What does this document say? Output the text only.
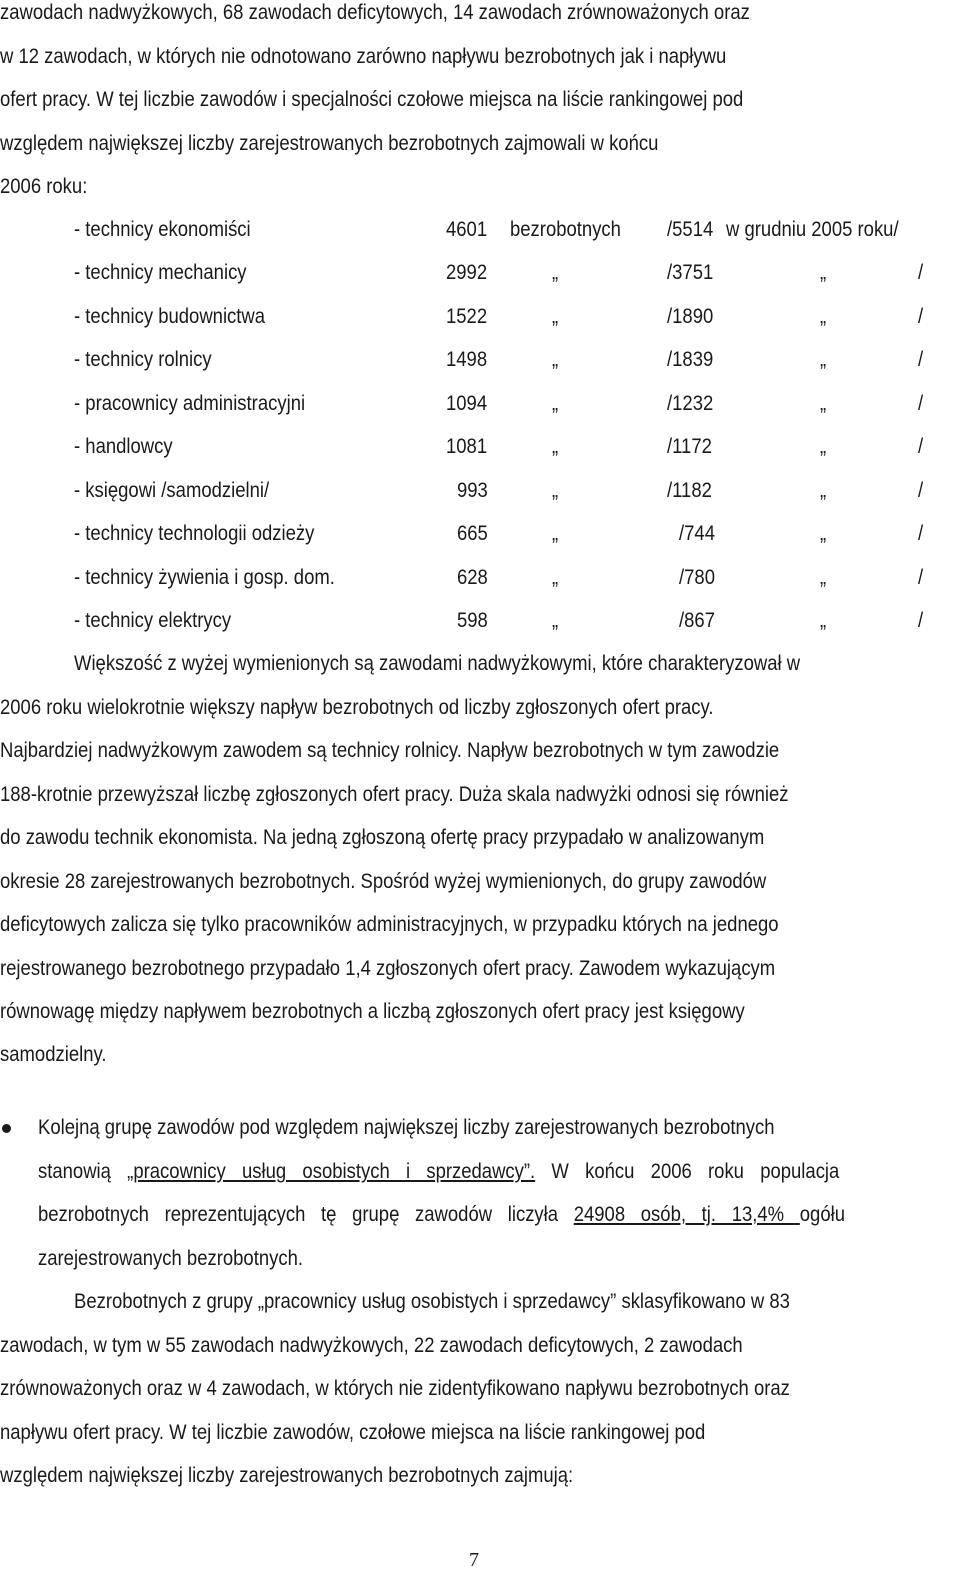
zawodach nadwyżkowych, 68 zawodach deficytowych, 14 zawodach zrównoważonych oraz
w 12 zawodach, w których nie odnotowano zarówno napływu bezrobotnych jak i napływu
ofert pracy. W tej liczbie zawodów i specjalności czołowe miejsca na liście rankingowej pod
względem największej liczby zarejestrowanych bezrobotnych zajmowali w końcu
2006 roku:
- technicy ekonomiści	4601 bezrobotnych /5514 w grudniu 2005 roku/
- technicy mechanicy	2992	„	/3751	„	/
- technicy budownictwa	1522	„	/1890	„	/
- technicy rolnicy	1498	„	/1839	„	/
- pracownicy administracyjni	1094	„	/1232	„	/
- handlowcy	1081	„	/1172	„	/
- księgowi /samodzielni/	993	„	/1182	„	/
- technicy technologii odzieży	665	„	/744	„	/
- technicy żywienia i gosp. dom.	628	„	/780	„	/
- technicy elektrycy	598	„	/867	„	/
Większość z wyżej wymienionych są zawodami nadwyżkowymi, które charakteryzował w
2006 roku wielokrotnie większy napływ bezrobotnych od liczby zgłoszonych ofert pracy.
Najbardziej nadwyżkowym zawodem są technicy rolnicy. Napływ bezrobotnych w tym zawodzie
188-krotnie przewyższał liczbę zgłoszonych ofert pracy. Duża skala nadwyżki odnosi się również
do zawodu technik ekonomista. Na jedną zgłoszoną ofertę pracy przypadało w analizowanym
okresie 28 zarejestrowanych bezrobotnych. Spośród wyżej wymienionych, do grupy zawodów
deficytowych zalicza się tylko pracowników administracyjnych, w przypadku których na jednego
rejestrowanego bezrobotnego przypadało 1,4 zgłoszonych ofert pracy. Zawodem wykazującym
równowagę między napływem bezrobotnych a liczbą zgłoszonych ofert pracy jest księgowy
samodzielny.
Kolejną grupę zawodów pod względem największej liczby zarejestrowanych bezrobotnych
stanowią „pracownicy usług osobistych i sprzedawcy”. W końcu 2006 roku populacja
bezrobotnych reprezentujących tę grupę zawodów liczyła 24908 osób, tj. 13,4% ogółu
zarejestrowanych bezrobotnych.
Bezrobotnych z grupy „pracownicy usług osobistych i sprzedawcy” sklasyfikowano w 83
zawodach, w tym w 55 zawodach nadwyżkowych, 22 zawodach deficytowych, 2 zawodach
zrównoważonych oraz w 4 zawodach, w których nie zidentyfikowano napływu bezrobotnych oraz
napływu ofert pracy. W tej liczbie zawodów, czołowe miejsca na liście rankingowej pod
względem największej liczby zarejestrowanych bezrobotnych zajmują:
7
